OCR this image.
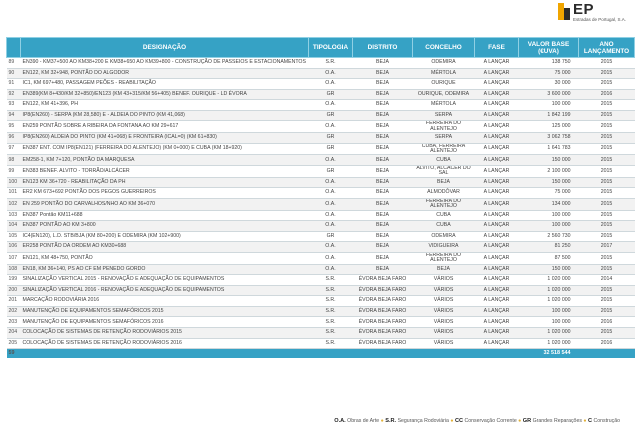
EP
Estradas de Portugal, S.A.
	DESIGNAÇÃO	TIPOLOGIA	DISTRITO	CONCELHO	FASE	VALOR BASE (€UVA)	ANO LANÇAMENTO
89	EN390 - KM37+500 AO KM38+200 E KM38+650 AO KM39+800 - CONSTRUÇÃO DE PASSEIOS E ESTACIONAMENTOS	S.R.	BEJA	ODEMIRA	A LANÇAR	138 750	2015
90	EN122, KM 32+948, PONTÃO DO ALGODOR	O.A.	BEJA	MÉRTOLA	A LANÇAR	75 000	2015
91	IC1, KM 697+480, PASSAGEM PEÕES - REABILITAÇÃO	O.A.	BEJA	OURIQUE	A LANÇAR	30 000	2015
92	EN389(KM 8+430/KM 32+850)/EN123 (KM 43+315/KM 56+405) BENEF. OURIQUE - LD ÉVORA	GR	BEJA	OURIQUE, ODEMIRA	A LANÇAR	3 600 000	2016
93	EN122, KM 41+396, PH	O.A.	BEJA	MÉRTOLA	A LANÇAR	100 000	2015
94	IP8(EN260) - SERPA (KM 28,580) E - ALDEIA DO PINTO (KM 41,068)	GR	BEJA	SERPA	A LANÇAR	1 842 199	2015
95	EN259 PONTÃO SOBRE A RIBEIRA DA FONTANA AO KM 29+617	O.A.	BEJA	FERREIRA DO ALENTEJO	A LANÇAR	125 000	2015
96	IP8(EN260) ALDEIA DO PINTO (KM 41+068) E FRONTEIRA (ICAL=0) (KM 61+830)	GR	BEJA	SERPA	A LANÇAR	3 062 758	2015
97	EN387 ENT. COM IP8(EN121) (FERREIRA DO ALENTEJO) (KM 0+000) E CUBA (KM 18+920)	GR	BEJA	CUBA, FERREIRA ALENTEJO	A LANÇAR	1 641 783	2015
98	EM258-1, KM 7+120, PONTÃO DA MARQUESA	O.A.	BEJA	CUBA	A LANÇAR	150 000	2015
99	EN383 BENEF. ALVITO - TORRÃO/ALCÁCER	GR	BEJA	ALVITO, ALCÁCER DO SAL	A LANÇAR	2 100 000	2015
100	EN123 KM 36+720 - REABILITAÇÃO DA PH	O.A.	BEJA	BEJA	A LANÇAR	150 000	2015
101	ER2 KM 673+692 PONTÃO DOS PEGOS GUERREIROS	O.A.	BEJA	ALMODÔVAR	A LANÇAR	75 000	2015
102	EN 259 PONTÃO DO CARVALHOS/NHO AO KM 36+070	O.A.	BEJA	FERREIRA DO ALENTEJO	A LANÇAR	134 000	2015
103	EN387 Pontão KM11+688	O.A.	BEJA	CUBA	A LANÇAR	100 000	2015
104	EN387 PONTÃO AO KM 3+800	O.A.	BEJA	CUBA	A LANÇAR	100 000	2015
105	IC4(EN120), L.D. STB/BJA (KM 80+200) E ODEMIRA (KM 102+900)	GR	BEJA	ODEMIRA	A LANÇAR	2 560 730	2015
106	ER258 PONTÃO DA ORDEM AO KM30+688	O.A.	BEJA	VIDIGUEIRA	A LANÇAR	81 250	2017
107	EN121, KM 48+750, PONTÃO	O.A.	BEJA	FERREIRA DO ALENTEJO	A LANÇAR	87 500	2015
108	EN18, KM 36+140, PS AO CF EM PENEDO GORDO	O.A.	BEJA	BEJA	A LANÇAR	150 000	2015
199	SINALIZAÇÃO VERTICAL 2015 - RENOVAÇÃO E ADEQUAÇÃO DE EQUIPAMENTOS	S.R.	ÉVORA BEJA FARO	VÁRIOS	A LANÇAR	1 020 000	2014
200	SINALIZAÇÃO VERTICAL 2016 - RENOVAÇÃO E ADEQUAÇÃO DE EQUIPAMENTOS	S.R.	ÉVORA BEJA FARO	VÁRIOS	A LANÇAR	1 020 000	2015
201	MARCAÇÃO RODOVIÁRIA 2016	S.R.	ÉVORA BEJA FARO	VÁRIOS	A LANÇAR	1 020 000	2015
202	MANUTENÇÃO DE EQUIPAMENTOS SEMAFÓRICOS 2015	S.R.	ÉVORA BEJA FARO	VÁRIOS	A LANÇAR	100 000	2015
203	MANUTENÇÃO DE EQUIPAMENTOS SEMAFÓRICOS 2016	S.R.	ÉVORA BEJA FARO	VÁRIOS	A LANÇAR	100 000	2016
204	COLOCAÇÃO DE SISTEMAS DE RETENÇÃO RODOVIÁRIOS 2015	S.R.	ÉVORA BEJA FARO	VÁRIOS	A LANÇAR	1 020 000	2015
205	COLOCAÇÃO DE SISTEMAS DE RETENÇÃO RODOVIÁRIOS 2016	S.R.	ÉVORA BEJA FARO	VÁRIOS	A LANÇAR	1 020 000	2016
59						32 518 544	
O.A. Obras de Arte ● S.R. Segurança Rodoviária ● CC Conservação Corrente ● GR Grandes Reparações ● C Construção
